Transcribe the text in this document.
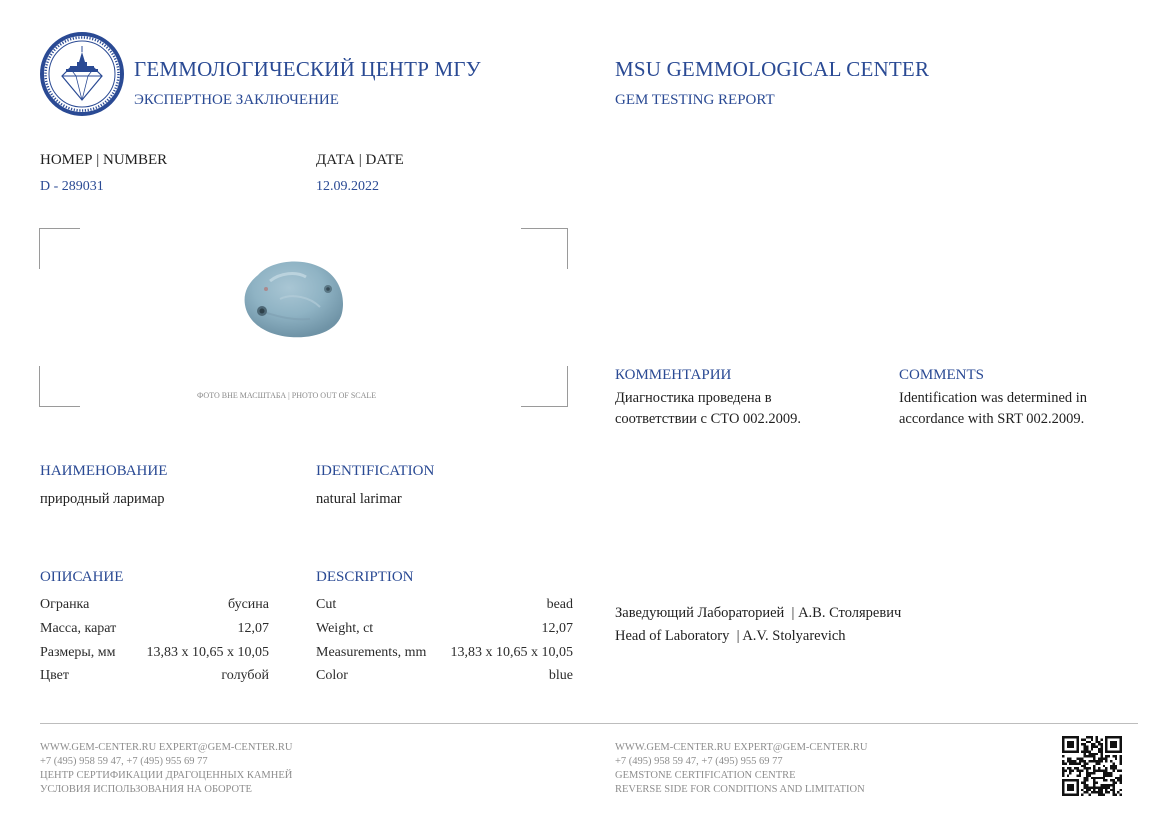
ГЕММОЛОГИЧЕСКИЙ ЦЕНТР МГУ
ЭКСПЕРТНОЕ ЗАКЛЮЧЕНИЕ
MSU GEMMOLOGICAL CENTER
GEM TESTING REPORT
НОМЕР | NUMBER
D - 289031
ДАТА | DATE
12.09.2022
ФОТО ВНЕ МАСШТАБА | PHOTO OUT OF SCALE
КОММЕНТАРИИ
Диагностика проведена в
соответствии с СТО 002.2009.
COMMENTS
Identification was determined in
accordance with SRT 002.2009.
НАИМЕНОВАНИЕ
природный ларимар
IDENTIFICATION
natural larimar
ОПИСАНИЕ
Огранка	бусина
Масса, карат	12,07
Размеры, мм 13,83 x 10,65 x 10,05
Цвет	голубой
DESCRIPTION
Cut	bead
Weight, ct	12,07
Measurements, mm 13,83 x 10,65 x 10,05
Color	blue
Заведующий Лабораторией  | А.В. Столяревич
Head of Laboratory  | A.V. Stolyarevich
WWW.GEM-CENTER.RU EXPERT@GEM-CENTER.RU
+7 (495) 958 59 47, +7 (495) 955 69 77
ЦЕНТР СЕРТИФИКАЦИИ ДРАГОЦЕННЫХ КАМНЕЙ
УСЛОВИЯ ИСПОЛЬЗОВАНИЯ НА ОБОРОТЕ
WWW.GEM-CENTER.RU EXPERT@GEM-CENTER.RU
+7 (495) 958 59 47, +7 (495) 955 69 77
GEMSTONE CERTIFICATION CENTRE
REVERSE SIDE FOR CONDITIONS AND LIMITATION
